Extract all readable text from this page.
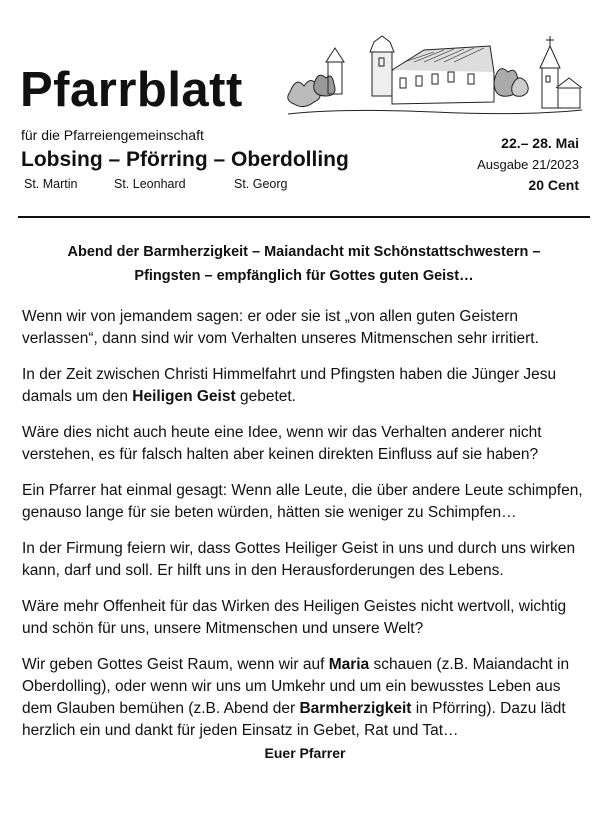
Pfarrblatt
für die Pfarreiengemeinschaft
Lobsing – Pförring – Oberdolling
St. Martin	St. Leonhard	St. Georg
22.– 28. Mai
Ausgabe 21/2023
20 Cent
Abend der Barmherzigkeit – Maiandacht mit Schönstattschwestern –
Pfingsten – empfänglich für Gottes guten Geist…

Wenn wir von jemandem sagen: er oder sie ist „von allen guten Geistern verlassen“, dann sind wir vom Verhalten unseres Mitmenschen sehr irritiert.

In der Zeit zwischen Christi Himmelfahrt und Pfingsten haben die Jünger Jesu damals um den Heiligen Geist gebetet.

Wäre dies nicht auch heute eine Idee, wenn wir das Verhalten anderer nicht verstehen, es für falsch halten aber keinen direkten Einfluss auf sie haben?

Ein Pfarrer hat einmal gesagt: Wenn alle Leute, die über andere Leute schimpfen, genauso lange für sie beten würden, hätten sie weniger zu Schimpfen…

In der Firmung feiern wir, dass Gottes Heiliger Geist in uns und durch uns wirken kann, darf und soll. Er hilft uns in den Herausforderungen des Lebens.

Wäre mehr Offenheit für das Wirken des Heiligen Geistes nicht wertvoll, wichtig und schön für uns, unsere Mitmenschen und unsere Welt?

Wir geben Gottes Geist Raum, wenn wir auf Maria schauen (z.B. Maiandacht in Oberdolling), oder wenn wir uns um Umkehr und um ein bewusstes Leben aus dem Glauben bemühen (z.B. Abend der Barmherzigkeit in Pförring). Dazu lädt herzlich ein und dankt für jeden Einsatz in Gebet, Rat und Tat…

Euer Pfarrer
